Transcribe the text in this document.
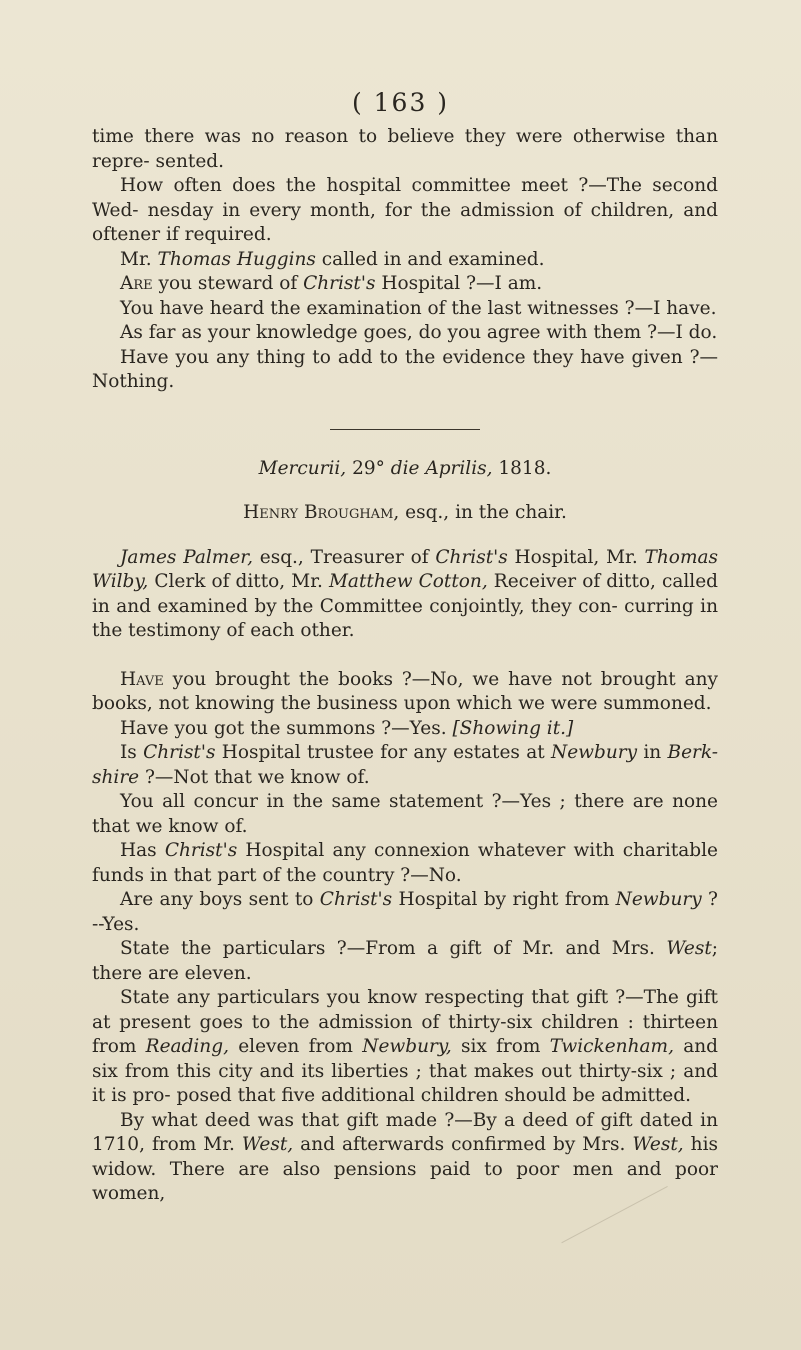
( 163 )

time there was no reason to believe they were otherwise than repre- sented.

How often does the hospital committee meet ?—The second Wed- nesday in every month, for the admission of children, and oftener if required.

Mr. Thomas Huggins called in and examined.

Are you steward of Christ's Hospital ?—I am.

You have heard the examination of the last witnesses ?—I have.

As far as your knowledge goes, do you agree with them ?—I do.

Have you any thing to add to the evidence they have given ?— Nothing.

Mercurii, 29° die Aprilis, 1818.

Henry Brougham, esq., in the chair.

James Palmer, esq., Treasurer of Christ's Hospital, Mr. Thomas Wilby, Clerk of ditto, Mr. Matthew Cotton, Receiver of ditto, called in and examined by the Committee conjointly, they con- curring in the testimony of each other.

Have you brought the books ?—No, we have not brought any books, not knowing the business upon which we were summoned.

Have you got the summons ?—Yes. [Showing it.]

Is Christ's Hospital trustee for any estates at Newbury in Berk- shire ?—Not that we know of.

You all concur in the same statement ?—Yes ; there are none that we know of.

Has Christ's Hospital any connexion whatever with charitable funds in that part of the country ?—No.

Are any boys sent to Christ's Hospital by right from Newbury ?--Yes.

State the particulars ?—From a gift of Mr. and Mrs. West; there are eleven.

State any particulars you know respecting that gift ?—The gift at present goes to the admission of thirty-six children : thirteen from Reading, eleven from Newbury, six from Twickenham, and six from this city and its liberties ; that makes out thirty-six ; and it is pro- posed that five additional children should be admitted.

By what deed was that gift made ?—By a deed of gift dated in 1710, from Mr. West, and afterwards confirmed by Mrs. West, his widow. There are also pensions paid to poor men and poor women,
